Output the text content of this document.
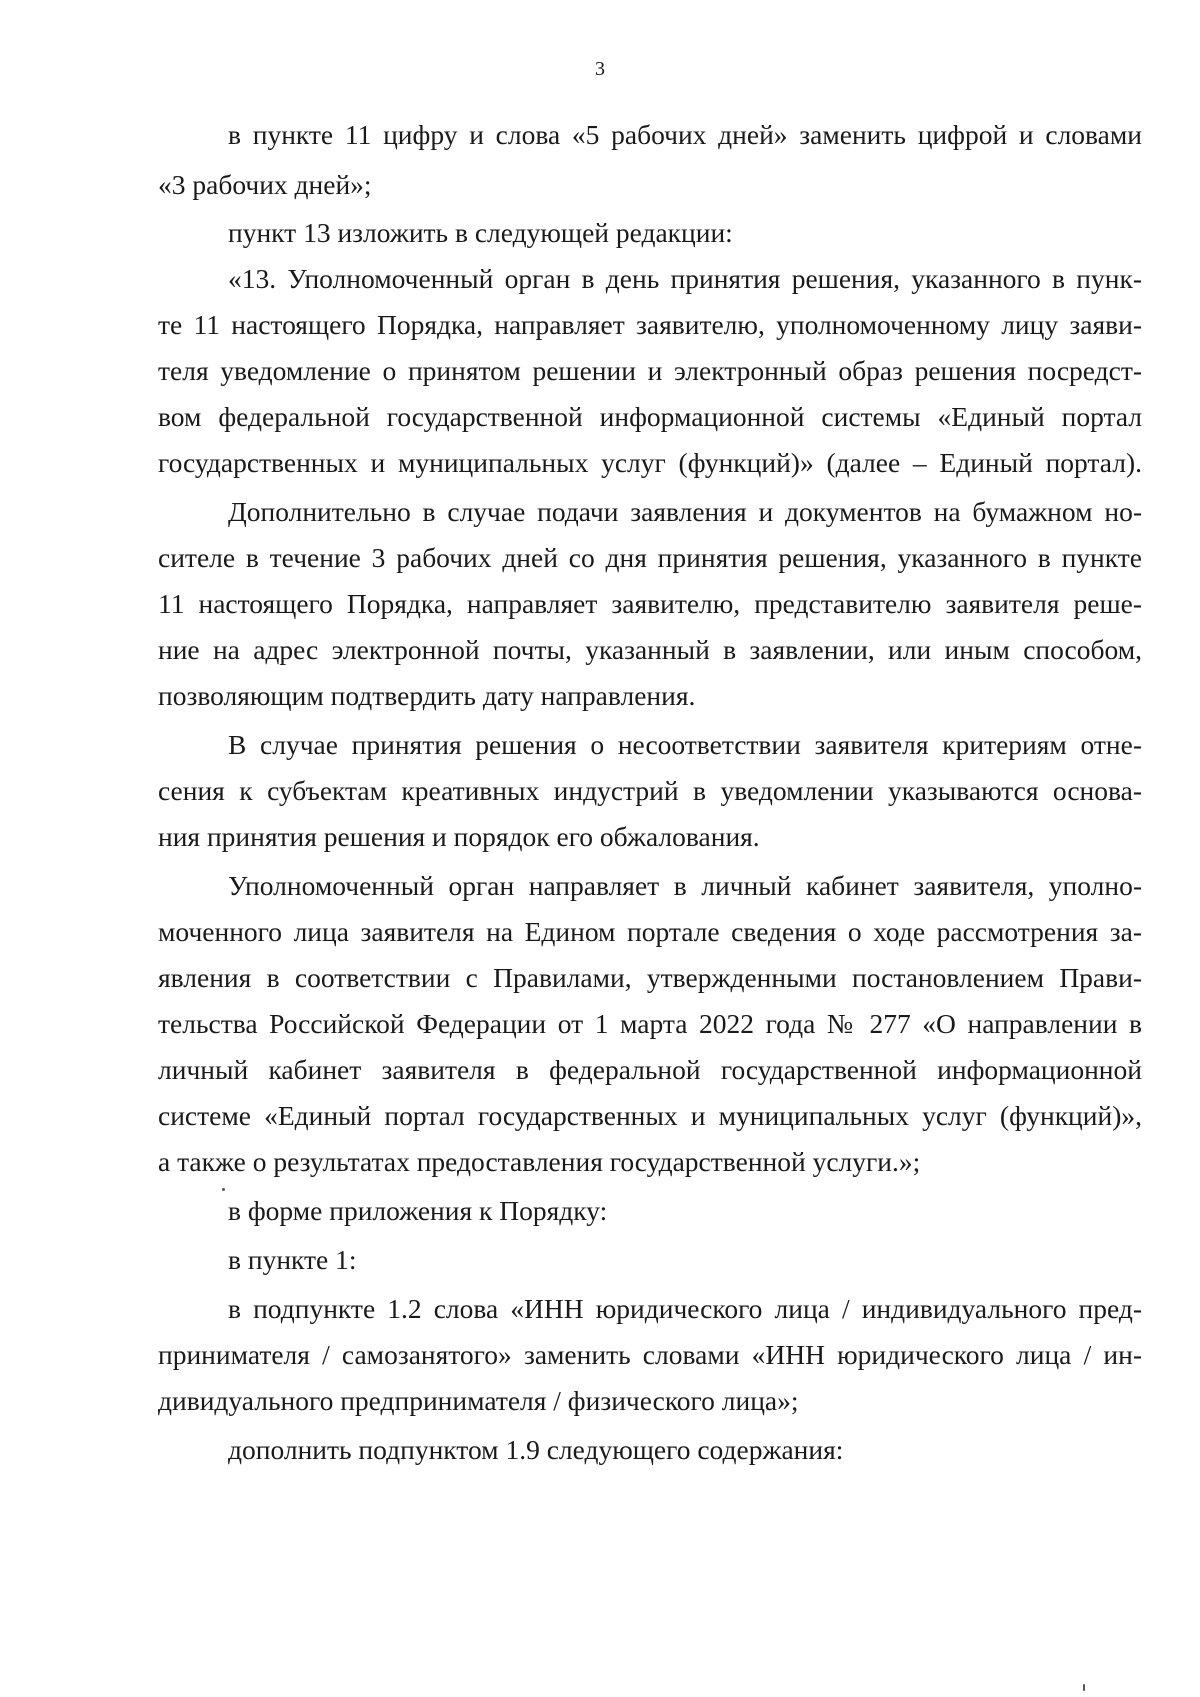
3
в пункте 11 цифру и слова «5 рабочих дней» заменить цифрой и словами
«3 рабочих дней»;
пункт 13 изложить в следующей редакции:
«13. Уполномоченный орган в день принятия решения, указанного в пунк-
те 11 настоящего Порядка, направляет заявителю, уполномоченному лицу заяви-
теля уведомление о принятом решении и электронный образ решения посредст-
вом федеральной государственной информационной системы «Единый портал
государственных и муниципальных услуг (функций)» (далее – Единый портал).
Дополнительно в случае подачи заявления и документов на бумажном но-
сителе в течение 3 рабочих дней со дня принятия решения, указанного в пункте
11 настоящего Порядка, направляет заявителю, представителю заявителя реше-
ние на адрес электронной почты, указанный в заявлении, или иным способом,
позволяющим подтвердить дату направления.
В случае принятия решения о несоответствии заявителя критериям отне-
сения к субъектам креативных индустрий в уведомлении указываются основа-
ния принятия решения и порядок его обжалования.
Уполномоченный орган направляет в личный кабинет заявителя, уполно-
моченного лица заявителя на Едином портале сведения о ходе рассмотрения за-
явления в соответствии с Правилами, утвержденными постановлением Прави-
тельства Российской Федерации от 1 марта 2022 года № 277 «О направлении в
личный кабинет заявителя в федеральной государственной информационной
системе «Единый портал государственных и муниципальных услуг (функций)»,
а также о результатах предоставления государственной услуги.»;
в форме приложения к Порядку:
в пункте 1:
в подпункте 1.2 слова «ИНН юридического лица / индивидуального пред-
принимателя / самозанятого» заменить словами «ИНН юридического лица / ин-
дивидуального предпринимателя / физического лица»;
дополнить подпунктом 1.9 следующего содержания:
